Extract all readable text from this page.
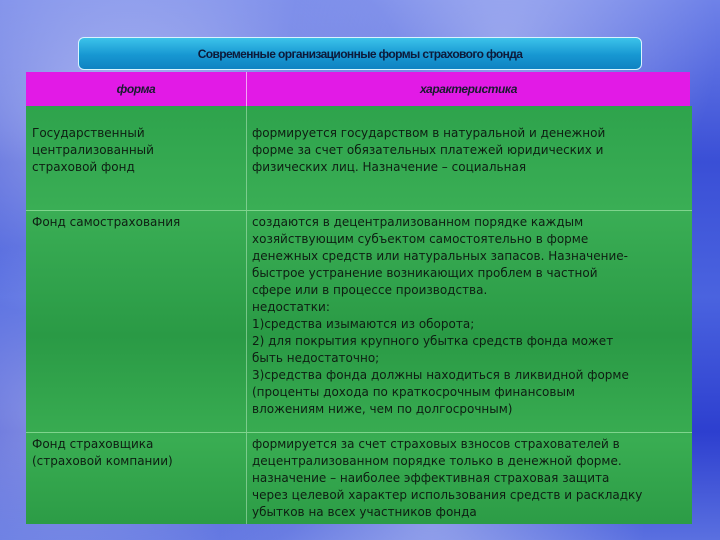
Современные организационные формы страхового фонда
форма	характеристика
Государственный
централизованный
страховой фонд
формируется государством в натуральной и денежной
форме за счет обязательных платежей юридических и
физических лиц. Назначение – социальная
Фонд самострахования	создаются в децентрализованном порядке каждым
хозяйствующим субъектом самостоятельно в форме
денежных средств или натуральных запасов. Назначение-
быстрое устранение возникающих проблем в частной
сфере или в процессе производства.
недостатки:
1)средства изымаются из оборота;
2) для покрытия крупного убытка средств фонда может
быть недостаточно;
3)средства фонда должны находиться в ликвидной форме
(проценты дохода по краткосрочным финансовым
вложениям ниже, чем по долгосрочным)
Фонд страховщика
(страховой компании)
формируется за счет страховых взносов страхователей в
децентрализованном порядке только в денежной форме.
назначение – наиболее эффективная страховая защита
через целевой характер использования средств и раскладку
убытков на всех участников фонда
